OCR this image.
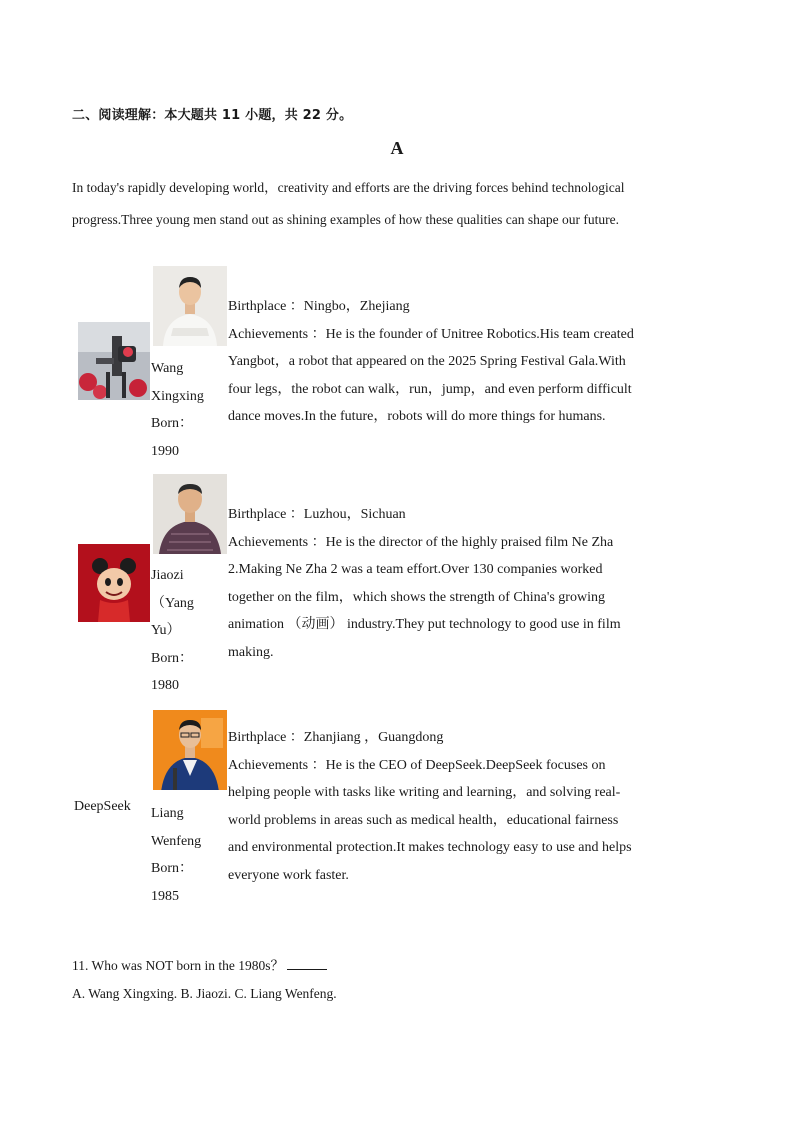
二、阅读理解：本大题共 11 小题，共 22 分。
A

In today's rapidly developing world，creativity and efforts are the driving forces behind technological

progress.Three young men stand out as shining examples of how these qualities can shape our future.

Wang
Xingxing
Born：
1990

Birthplace ：Ningbo，Zhejiang

Achievements ：He is the founder of Unitree Robotics.His team created

Yangbot，a robot that appeared on the 2025 Spring Festival Gala.With

four legs，the robot can walk，run，jump，and even perform difficult

dance moves.In the future，robots will do more things for humans.

Jiaozi
（Yang
Yu）
Born：
1980

Birthplace ：Luzhou，Sichuan

Achievements ：He is the director of the highly praised film Ne Zha

2.Making Ne Zha 2 was a team effort.Over 130 companies worked

together on the film，which shows the strength of China's growing

animation （动画） industry.They put technology to good use in film

making.

DeepSeek Liang
Wenfeng
Born：
1985

Birthplace ：Zhanjiang ，Guangdong

Achievements ：He is the CEO of DeepSeek.DeepSeek focuses on

helping people with tasks like writing and learning，and solving real-

world problems in areas such as medical health，educational fairness

and environmental protection.It makes technology easy to use and helps

everyone work faster.

11. Who was NOT born in the 1980s？
A. Wang Xingxing. B. Jiaozi. C. Liang Wenfeng.
